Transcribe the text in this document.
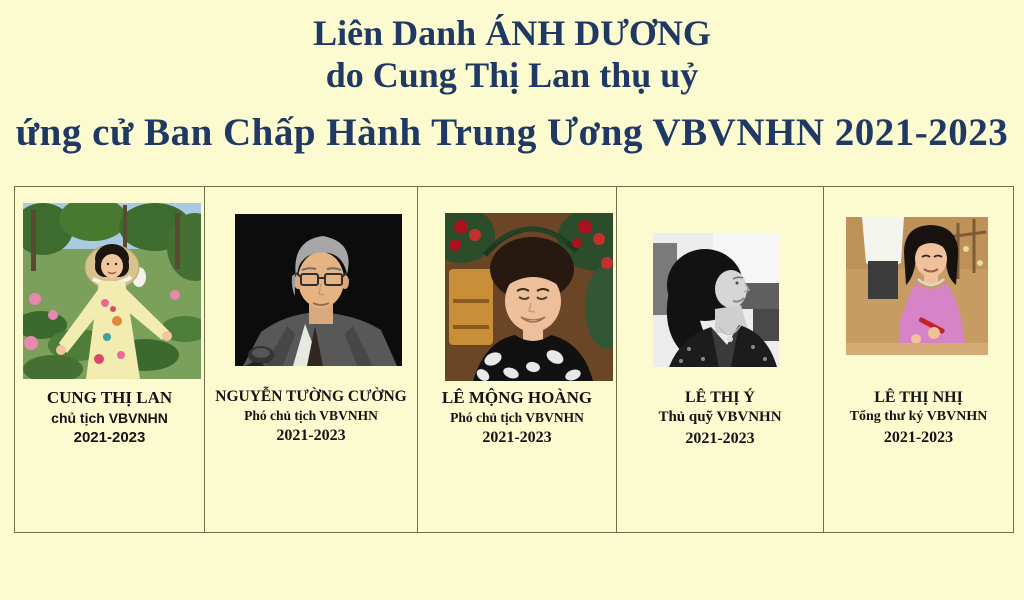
Liên Danh ÁNH DƯƠNG
do Cung Thị Lan thụ uỷ
ứng cử Ban Chấp Hành Trung Ương VBVNHN 2021-2023
CUNG THỊ LAN
chủ tịch VBVNHN
2021-2023
NGUYỄN TƯỜNG CƯỜNG
Phó chủ tịch VBVNHN
2021-2023
LÊ MỘNG HOÀNG
Phó chủ tịch VBVNHN
2021-2023
LÊ THỊ Ý
Thủ quỹ VBVNHN
2021-2023
LÊ THỊ NHỊ
Tổng thư ký VBVNHN
2021-2023
